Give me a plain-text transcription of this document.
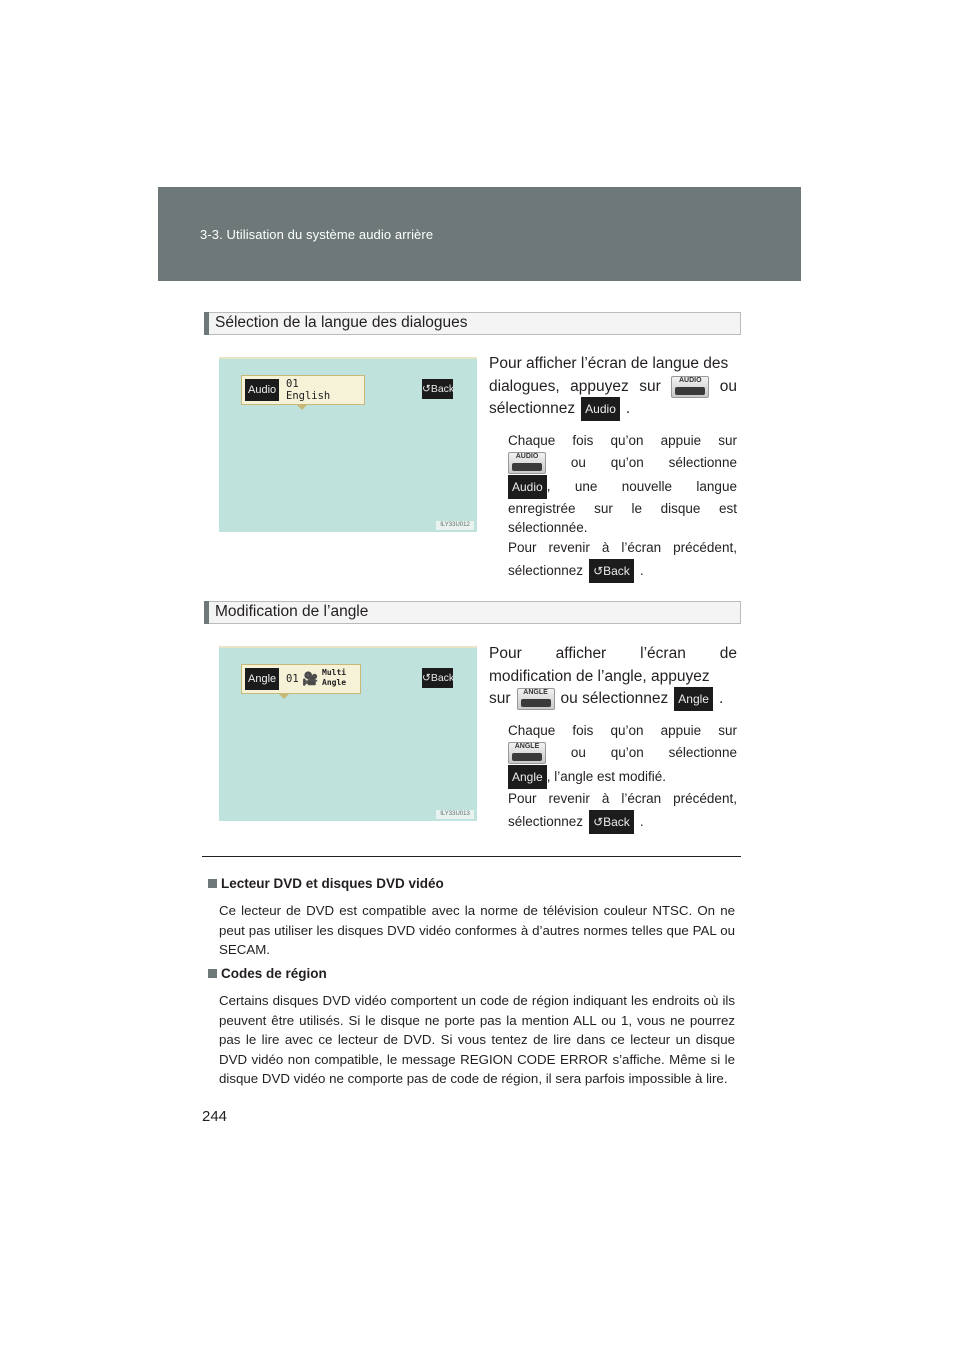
3-3. Utilisation du système audio arrière
Sélection de la langue des dialogues
Audio 01
English
↺Back
ILY33U012
Pour afficher l’écran de langue des
dialogues, appuyez sur	AUDIO	ou
sélectionnez Audio .
Chaque fois qu’on appuie sur
AUDIO	ou qu’on sélectionne
Audio , une nouvelle langue
enregistrée sur le disque est
sélectionnée.
Pour revenir à l’écran précédent,
sélectionnez ↺Back .
Modification de l’angle
Angle 01 🎥 Multi
Angle	↺Back
ILY33U013
Pour afficher l’écran de
modification de l’angle, appuyez
sur	ANGLE ou sélectionnez Angle .
Chaque fois qu’on appuie sur
ANGLE	ou qu’on sélectionne
Angle , l’angle est modifié.
Pour revenir à l’écran précédent,
sélectionnez ↺Back .
Lecteur DVD et disques DVD vidéo
Ce lecteur de DVD est compatible avec la norme de télévision couleur NTSC. On ne peut pas utiliser les disques DVD vidéo conformes à d’autres normes telles que PAL ou SECAM.
Codes de région
Certains disques DVD vidéo comportent un code de région indiquant les endroits où ils peuvent être utilisés. Si le disque ne porte pas la mention ALL ou 1, vous ne pourrez pas le lire avec ce lecteur de DVD. Si vous tentez de lire dans ce lecteur un disque DVD vidéo non compatible, le message REGION CODE ERROR s’affiche. Même si le disque DVD vidéo ne comporte pas de code de région, il sera parfois impossible à lire.
244
